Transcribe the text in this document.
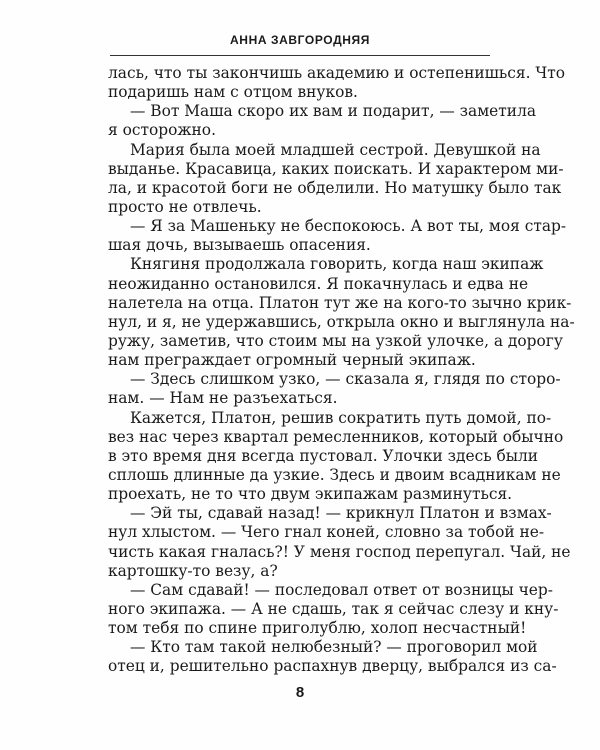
АННА ЗАВГОРОДНЯЯ
лась, что ты закончишь академию и остепенишься. Что
подаришь нам с отцом внуков.
— Вот Маша скоро их вам и подарит, — заметила
я осторожно.
Мария была моей младшей сестрой. Девушкой на
выданье. Красавица, каких поискать. И характером ми-
ла, и красотой боги не обделили. Но матушку было так
просто не отвлечь.
— Я за Машеньку не беспокоюсь. А вот ты, моя стар-
шая дочь, вызываешь опасения.
Княгиня продолжала говорить, когда наш экипаж
неожиданно остановился. Я покачнулась и едва не
налетела на отца. Платон тут же на кого-то зычно крик-
нул, и я, не удержавшись, открыла окно и выглянула на-
ружу, заметив, что стоим мы на узкой улочке, а дорогу
нам преграждает огромный черный экипаж.
— Здесь слишком узко, — сказала я, глядя по сторо-
нам. — Нам не разъехаться.
Кажется, Платон, решив сократить путь домой, по-
вез нас через квартал ремесленников, который обычно
в это время дня всегда пустовал. Улочки здесь были
сплошь длинные да узкие. Здесь и двоим всадникам не
проехать, не то что двум экипажам разминуться.
— Эй ты, сдавай назад! — крикнул Платон и взмах-
нул хлыстом. — Чего гнал коней, словно за тобой не-
чисть какая гналась?! У меня господ перепугал. Чай, не
картошку-то везу, а?
— Сам сдавай! — последовал ответ от возницы чер-
ного экипажа. — А не сдашь, так я сейчас слезу и кну-
том тебя по спине приголублю, холоп несчастный!
— Кто там такой нелюбезный? — проговорил мой
отец и, решительно распахнув дверцу, выбрался из са-
8
